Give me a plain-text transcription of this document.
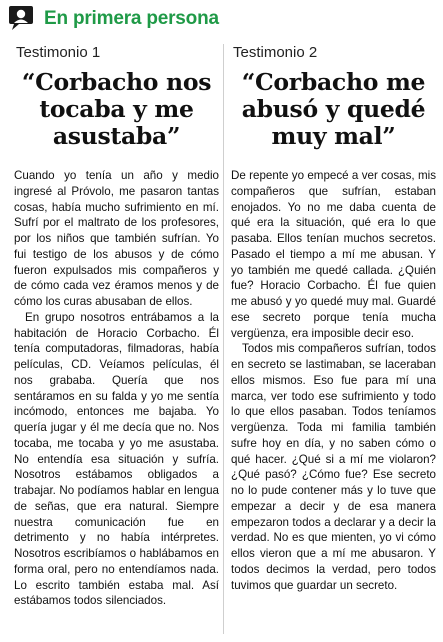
En primera persona
Testimonio 1
“Corbacho nos tocaba y me asustaba”

Cuando yo tenía un año y medio ingresé al Próvolo, me pasaron tantas cosas, había mucho sufrimiento en mí. Sufrí por el maltrato de los profesores, por los niños que también sufrían. Yo fui testigo de los abusos y de cómo fueron expulsados mis compañeros y de cómo cada vez éramos menos y de cómo los curas abusaban de ellos.

En grupo nosotros entrábamos a la habitación de Horacio Corbacho. Él tenía computadoras, filmadoras, había películas, CD. Veíamos películas, él nos grababa. Quería que nos sentáramos en su falda y yo me sentía incómodo, entonces me bajaba. Yo quería jugar y él me decía que no. Nos tocaba, me tocaba y yo me asustaba. No entendía esa situación y sufría. Nosotros estábamos obligados a trabajar. No podíamos hablar en lengua de señas, que era natural. Siempre nuestra comunicación fue en detrimento y no había intérpretes. Nosotros escribíamos o hablábamos en forma oral, pero no entendíamos nada. Lo escrito también estaba mal. Así estábamos todos silenciados.

Testimonio 2
“Corbacho me abusó y quedé muy mal”

De repente yo empecé a ver cosas, mis compañeros que sufrían, estaban enojados. Yo no me daba cuenta de qué era la situación, qué era lo que pasaba. Ellos tenían muchos secretos. Pasado el tiempo a mí me abusan. Y yo también me quedé callada. ¿Quién fue? Horacio Corbacho. Él fue quien me abusó y yo quedé muy mal. Guardé ese secreto porque tenía mucha vergüenza, era imposible decir eso.

Todos mis compañeros sufrían, todos en secreto se lastimaban, se laceraban ellos mismos. Eso fue para mí una marca, ver todo ese sufrimiento y todo lo que ellos pasaban. Todos teníamos vergüenza. Toda mi familia también sufre hoy en día, y no saben cómo o qué hacer. ¿Qué si a mí me violaron? ¿Qué pasó? ¿Cómo fue? Ese secreto no lo pude contener más y lo tuve que empezar a decir y de esa manera empezaron todos a declarar y a decir la verdad. No es que mienten, yo vi cómo ellos vieron que a mí me abusaron. Y todos decimos la verdad, pero todos tuvimos que guardar un secreto.
